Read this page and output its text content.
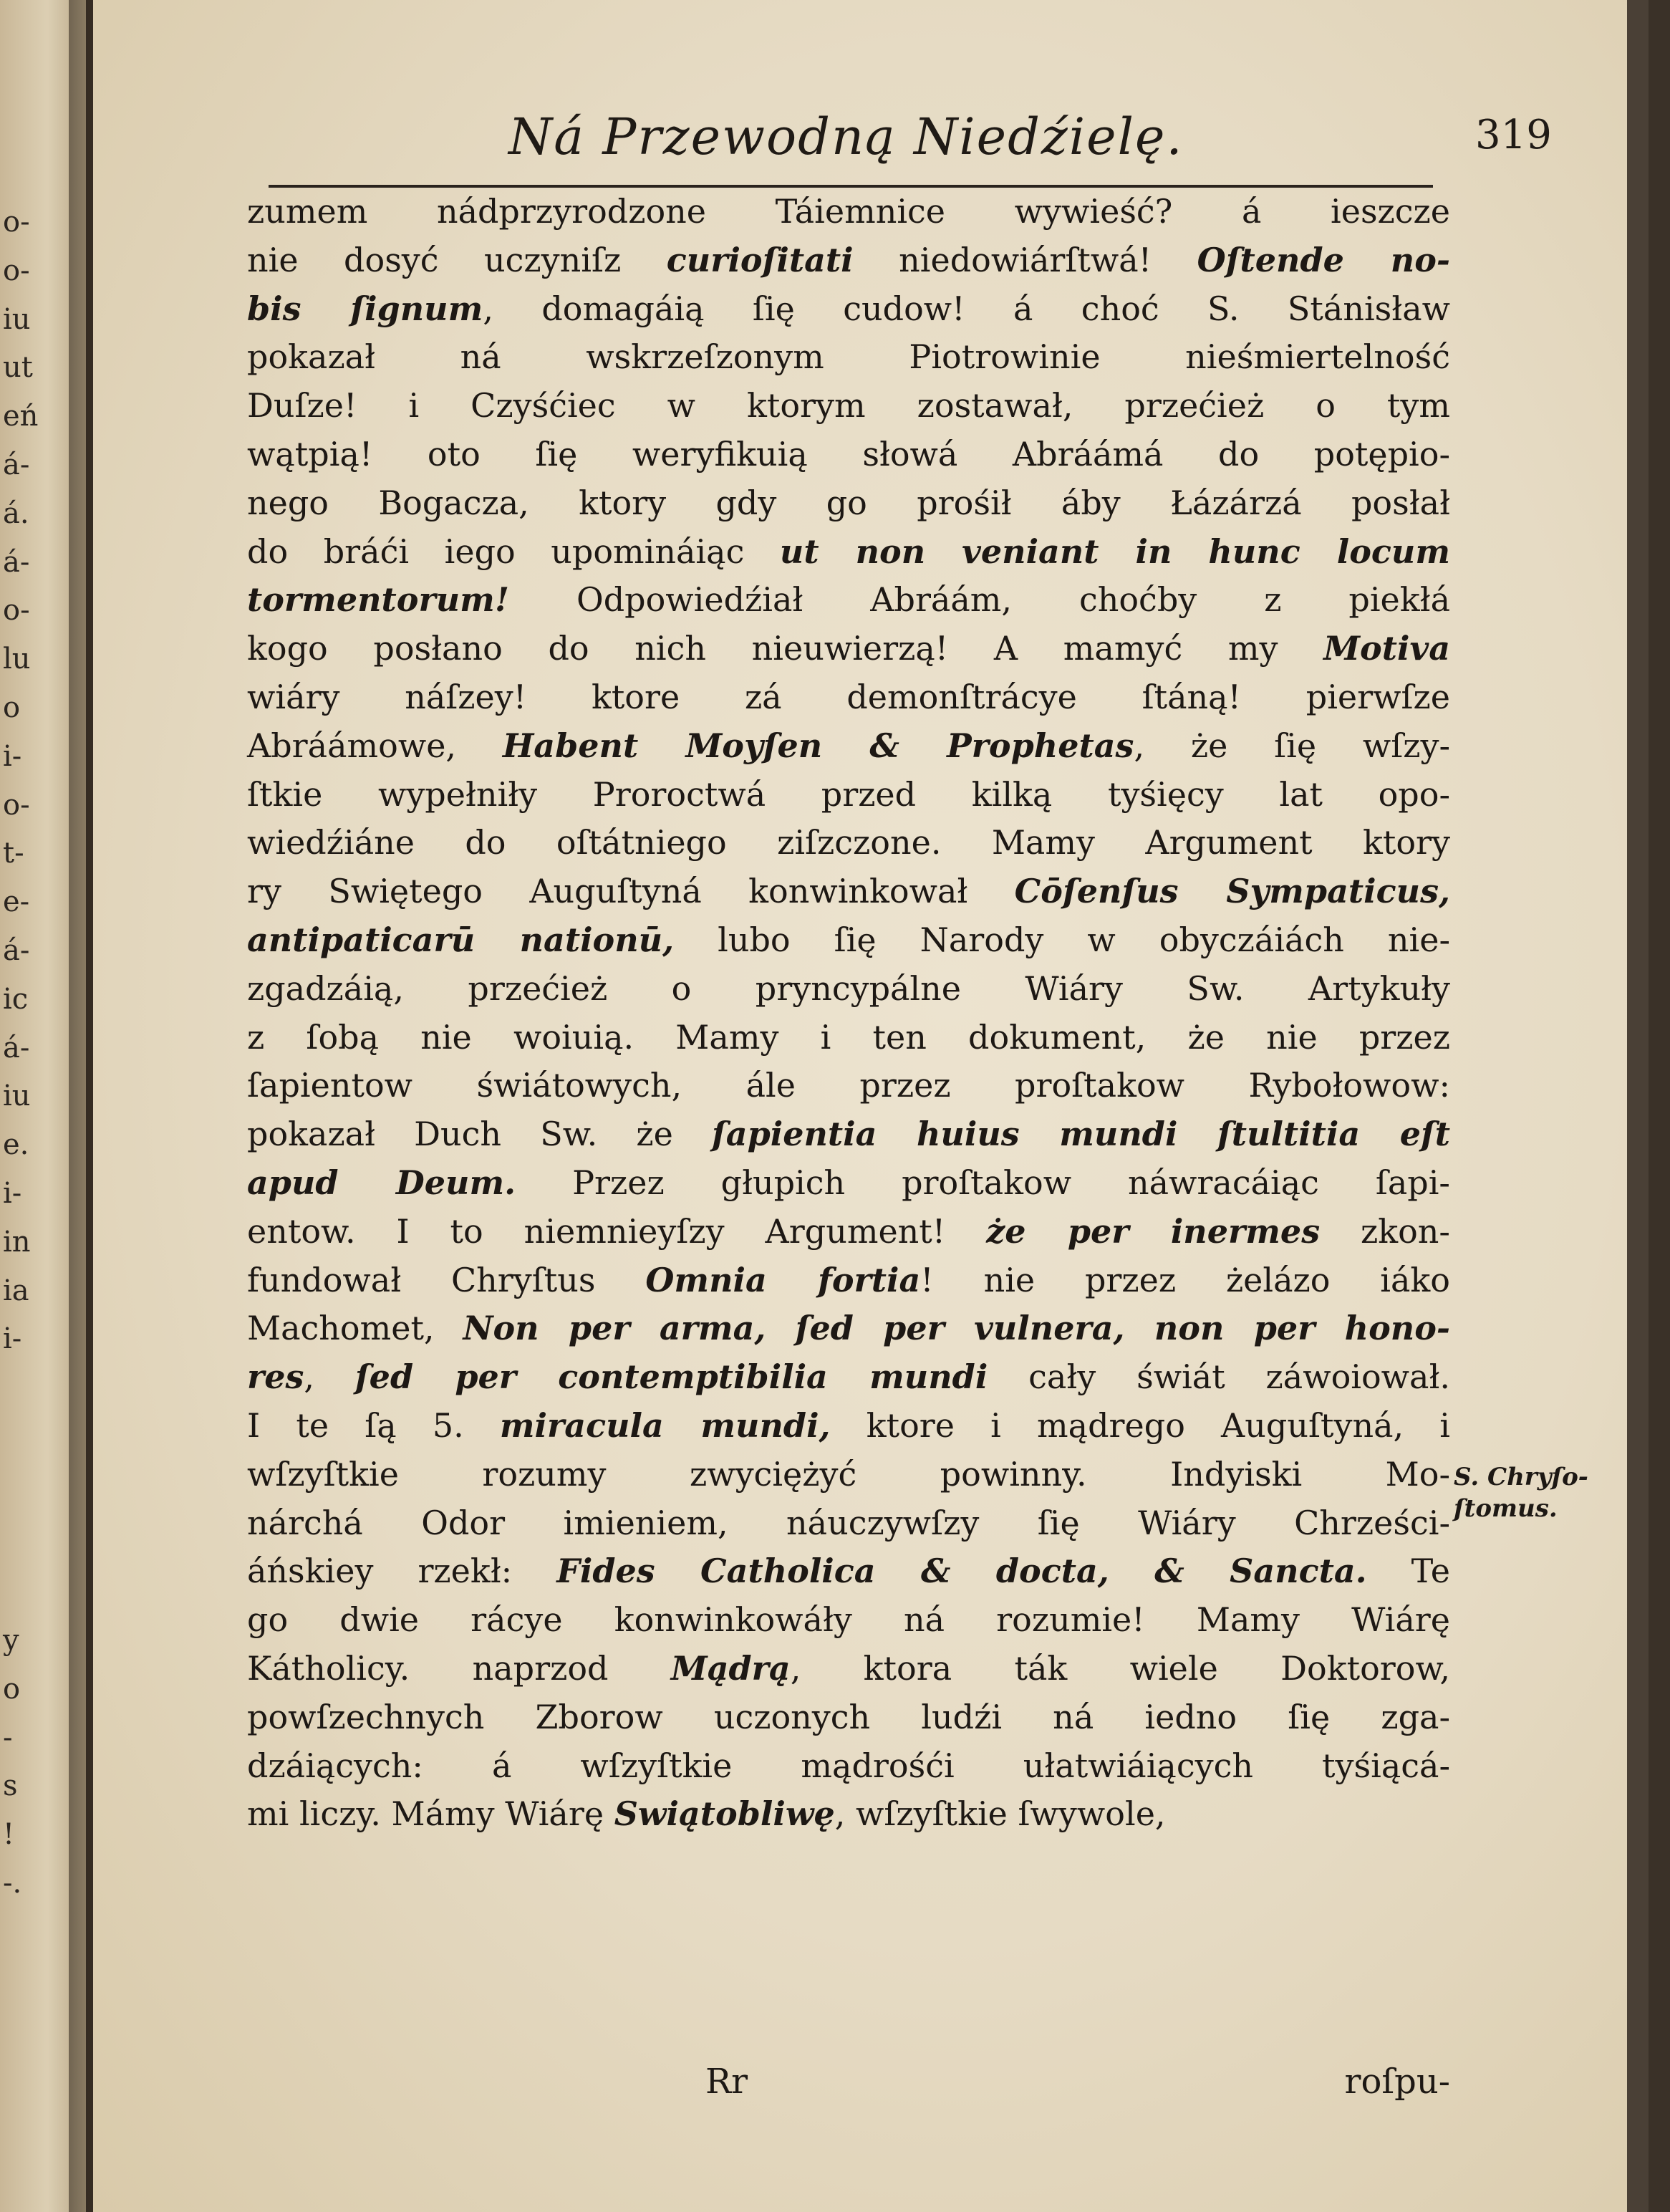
o-
o-
iu
ut
eń
á-
á.
á-
o-
lu
o
i-
o-
t-
e-
á-
ic
á-
iu
e.
i-
in
ia
i-
y
o
-
s
!
-.
Ná Przewodną Niedźielę.	319
zumem nádprzyrodzone Táiemnice wywieść? á ieszcze
nie dosyć uczyniſz curioſitati niedowiárſtwá! Oſtende no-
bis ſignum, domagáią ſię cudow! á choć S. Stánisław
pokazał ná wskrzeſzonym Piotrowinie nieśmiertelność
Duſze! i Czyśćiec w ktorym zostawał, przećież o tym
wątpią! oto ſię weryfikuią słowá Abráámá do potępio-
nego Bogacza, ktory gdy go prośił áby Łázárzá posłał
do bráći iego upomináiąc ut non veniant in hunc locum
tormentorum! Odpowiedźiał Abráám, choćby z piekłá
kogo posłano do nich nieuwierzą! A mamyć my Motiva
wiáry náſzey! ktore zá demonſtrácye ſtáną! pierwſze
Abráámowe, Habent Moyſen & Prophetas, że ſię wſzy-
ſtkie wypełniły Proroctwá przed kilką tyśięcy lat opo-
wiedźiáne do oſtátniego ziſzczone. Mamy Argument ktory
ry Swiętego Auguſtyná konwinkował Cōſenſus Sympaticus,
antipaticarū nationū, lubo ſię Narody w obyczáiách nie-
zgadzáią, przećież o pryncypálne Wiáry Sw. Artykuły
z ſobą nie woiuią. Mamy i ten dokument, że nie przez
ſapientow świátowych, ále przez proſtakow Rybołowow:
pokazał Duch Sw. że ſapientia huius mundi ſtultitia eſt
apud Deum. Przez głupich proſtakow náwracáiąc ſapi-
entow. I to niemnieyſzy Argument! że per inermes zkon-
fundował Chryſtus Omnia fortia! nie przez żelázo iáko
Machomet, Non per arma, ſed per vulnera, non per hono-
res, ſed per contemptibilia mundi cały świát záwoiował.
I te ſą 5. miracula mundi, ktore i mądrego Auguſtyná, i
wſzyſtkie rozumy zwyciężyć powinny. Indyiski Mo-
nárchá Odor imieniem, náuczywſzy ſię Wiáry Chrześci-
áńskiey rzekł: Fides Catholica & docta, & Sancta. Te
go dwie rácye konwinkowáły ná rozumie! Mamy Wiárę
Kátholicy. naprzod Mądrą, ktora ták wiele Doktorow,
powſzechnych Zborow uczonych ludźi ná iedno ſię zga-
dzáiących: á wſzyſtkie mądrośći ułatwiáiących tyśiącá-
mi liczy. Mámy Wiárę Swiątobliwę, wſzyſtkie ſwywole,
S. Chryſo-
ſtomus.
Rr	roſpu-
